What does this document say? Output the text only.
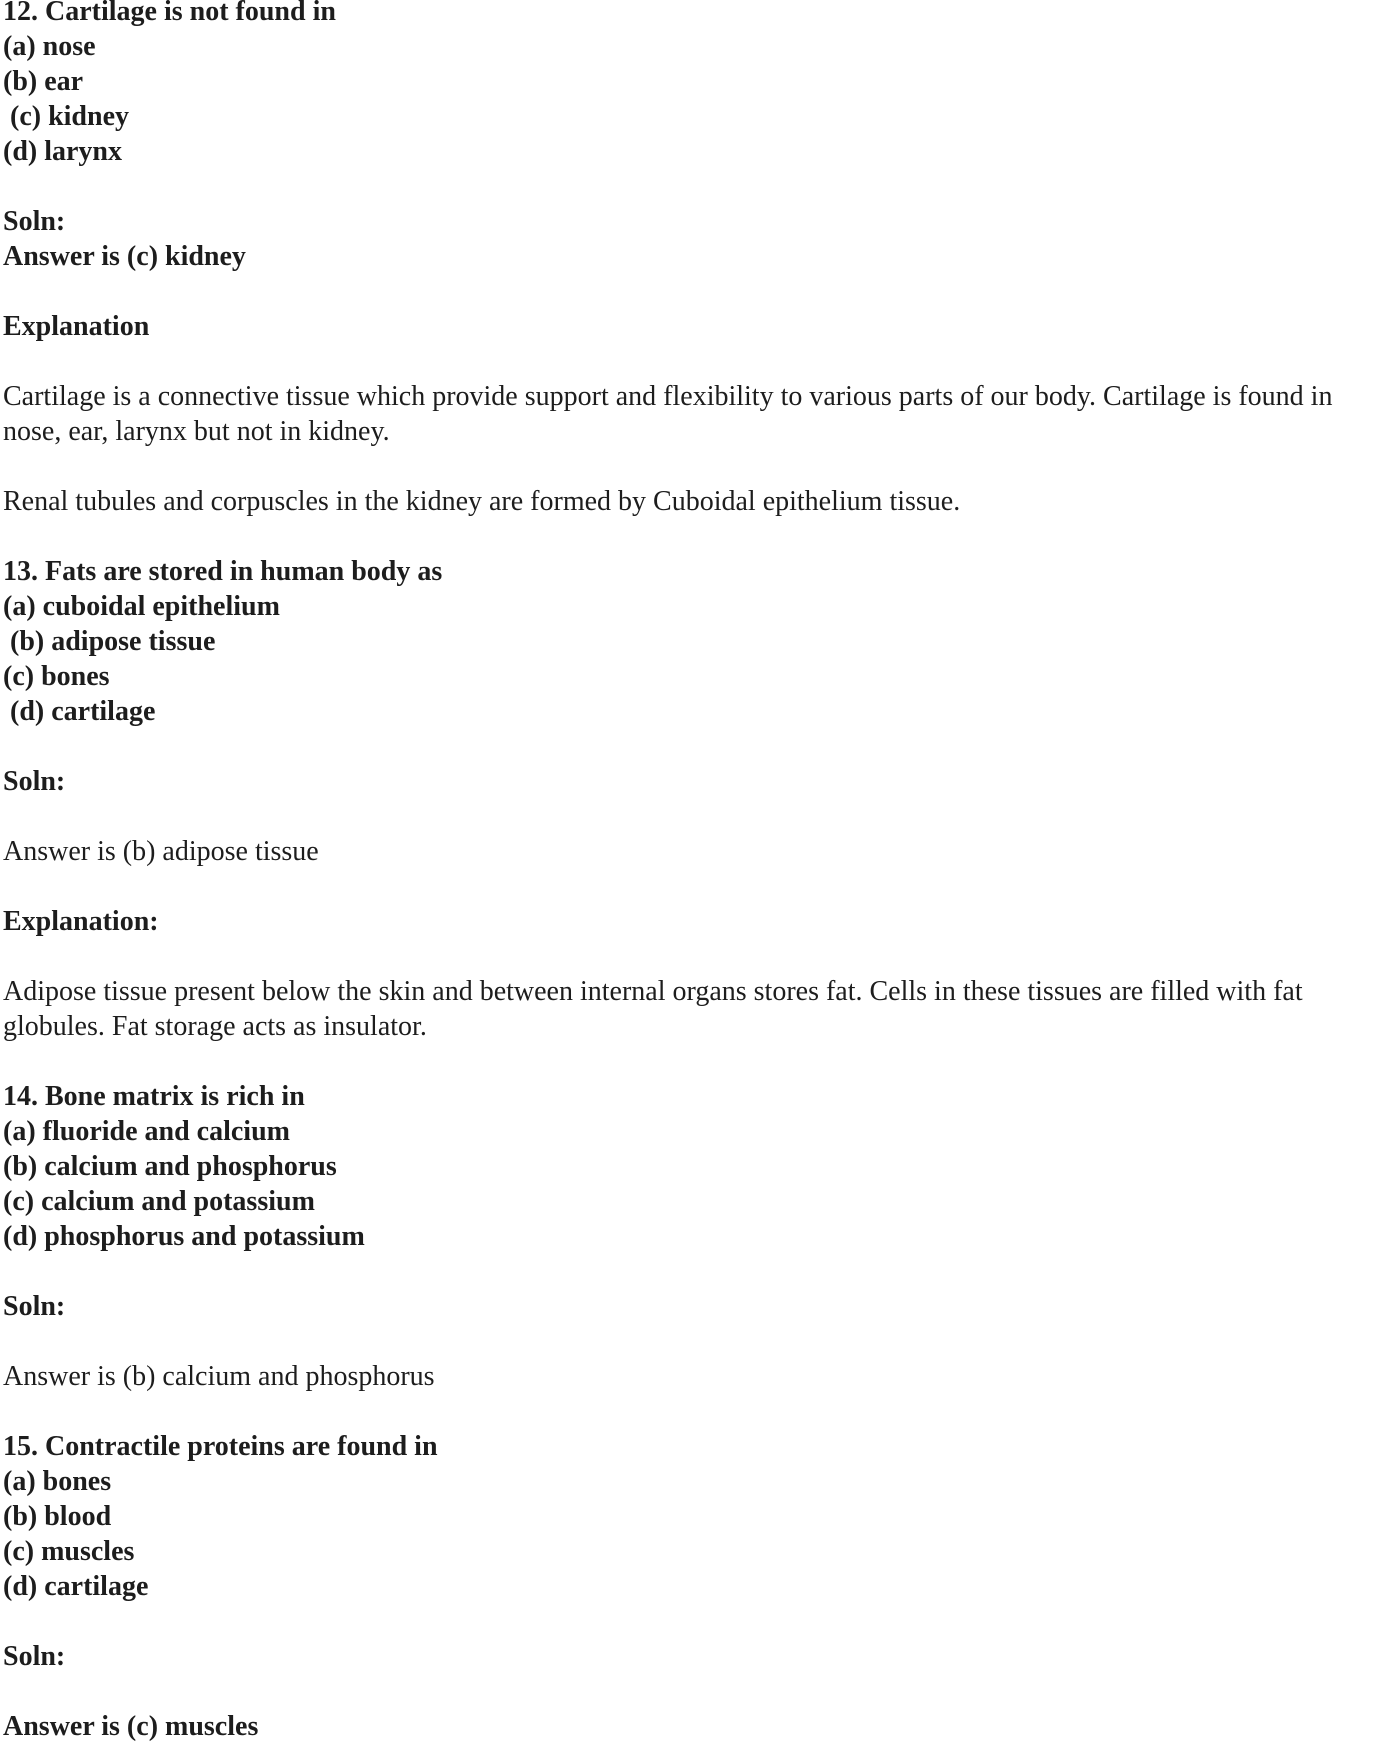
12. Cartilage is not found in
(a) nose
(b) ear
(c) kidney
(d) larynx
Soln:
Answer is (c) kidney
Explanation
Cartilage is a connective tissue which provide support and flexibility to various parts of our body. Cartilage is found in nose, ear, larynx but not in kidney.
Renal tubules and corpuscles in the kidney are formed by Cuboidal epithelium tissue.
13. Fats are stored in human body as
(a) cuboidal epithelium
(b) adipose tissue
(c) bones
(d) cartilage
Soln:
Answer is (b) adipose tissue
Explanation:
Adipose tissue present below the skin and between internal organs stores fat. Cells in these tissues are filled with fat globules. Fat storage acts as insulator.
14. Bone matrix is rich in
(a) fluoride and calcium
(b) calcium and phosphorus
(c) calcium and potassium
(d) phosphorus and potassium
Soln:
Answer is (b) calcium and phosphorus
15. Contractile proteins are found in
(a) bones
(b) blood
(c) muscles
(d) cartilage
Soln:
Answer is (c) muscles
